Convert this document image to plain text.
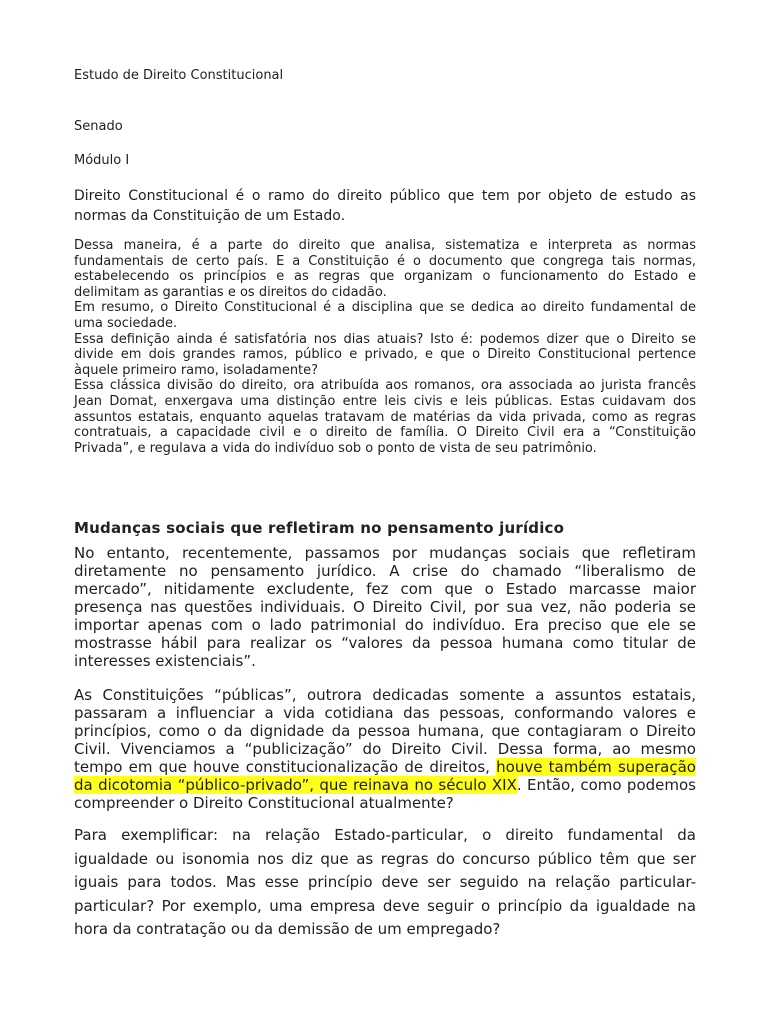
Estudo de Direito Constitucional

Senado

Módulo I

Direito Constitucional é o ramo do direito público que tem por objeto de estudo as normas da Constituição de um Estado.

Dessa maneira, é a parte do direito que analisa, sistematiza e interpreta as normas fundamentais de certo país. E a Constituição é o documento que congrega tais normas, estabelecendo os princípios e as regras que organizam o funcionamento do Estado e delimitam as garantias e os direitos do cidadão.

Em resumo, o Direito Constitucional é a disciplina que se dedica ao direito fundamental de uma sociedade.

Essa definição ainda é satisfatória nos dias atuais? Isto é: podemos dizer que o Direito se divide em dois grandes ramos, público e privado, e que o Direito Constitucional pertence àquele primeiro ramo, isoladamente?

Essa clássica divisão do direito, ora atribuída aos romanos, ora associada ao jurista francês Jean Domat, enxergava uma distinção entre leis civis e leis públicas. Estas cuidavam dos assuntos estatais, enquanto aquelas tratavam de matérias da vida privada, como as regras contratuais, a capacidade civil e o direito de família. O Direito Civil era a “Constituição Privada”, e regulava a vida do indivíduo sob o ponto de vista de seu patrimônio.

Mudanças sociais que refletiram no pensamento jurídico

No entanto, recentemente, passamos por mudanças sociais que refletiram diretamente no pensamento jurídico. A crise do chamado “liberalismo de mercado”, nitidamente excludente, fez com que o Estado marcasse maior presença nas questões individuais. O Direito Civil, por sua vez, não poderia se importar apenas com o lado patrimonial do indivíduo. Era preciso que ele se mostrasse hábil para realizar os “valores da pessoa humana como titular de interesses existenciais”.

As Constituições “públicas”, outrora dedicadas somente a assuntos estatais, passaram a influenciar a vida cotidiana das pessoas, conformando valores e princípios, como o da dignidade da pessoa humana, que contagiaram o Direito Civil. Vivenciamos a “publicização” do Direito Civil. Dessa forma, ao mesmo tempo em que houve constitucionalização de direitos, houve também superação da dicotomia “público-privado”, que reinava no século XIX. Então, como podemos compreender o Direito Constitucional atualmente?

Para exemplificar: na relação Estado-particular, o direito fundamental da igualdade ou isonomia nos diz que as regras do concurso público têm que ser iguais para todos. Mas esse princípio deve ser seguido na relação particular-particular? Por exemplo, uma empresa deve seguir o princípio da igualdade na hora da contratação ou da demissão de um empregado?
